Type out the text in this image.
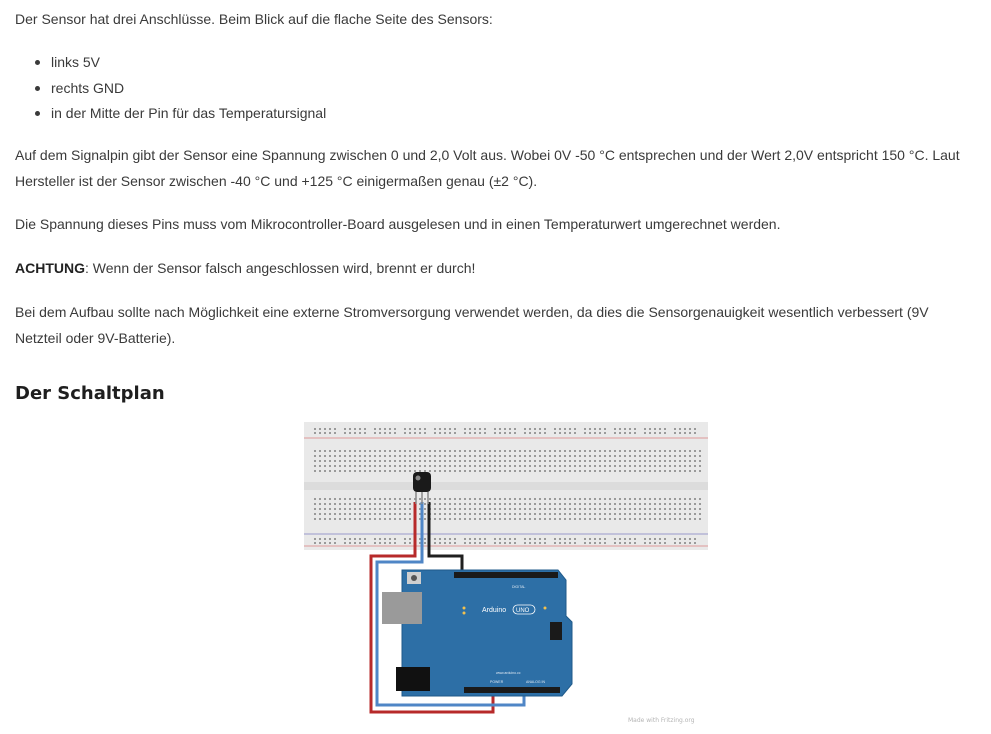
Der Sensor hat drei Anschlüsse. Beim Blick auf die flache Seite des Sensors:

links 5V
rechts GND
in der Mitte der Pin für das Temperatursignal

Auf dem Signalpin gibt der Sensor eine Spannung zwischen 0 und 2,0 Volt aus. Wobei 0V -50 °C entsprechen und der Wert 2,0V entspricht 150 °C. Laut Hersteller ist der Sensor zwischen -40 °C und +125 °C einigermaßen genau (±2 °C).

Die Spannung dieses Pins muss vom Mikrocontroller-Board ausgelesen und in einen Temperaturwert umgerechnet werden.

ACHTUNG: Wenn der Sensor falsch angeschlossen wird, brennt er durch!

Bei dem Aufbau sollte nach Möglichkeit eine externe Stromversorgung verwendet werden, da dies die Sensorgenauigkeit wesentlich verbessert (9V Netzteil oder 9V-Batterie).

Der Schaltplan
Arduino UNO
DIGITAL
POWER	ANALOG IN
www.arduino.cc
Made with Fritzing.org
